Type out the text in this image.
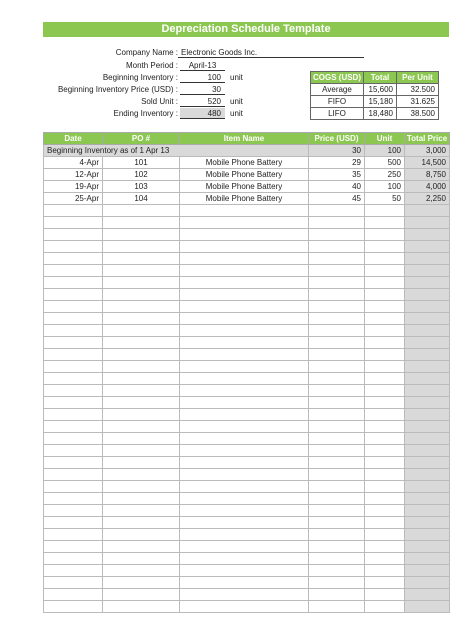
Depreciation Schedule Template
Company Name : Electronic Goods Inc.
Month Period :	April-13
Beginning Inventory :	100	unit
Beginning Inventory Price (USD) :	30
Sold Unit :	520	unit
Ending Inventory :	480	unit
COGS (USD)	Total	Per Unit
Average	15,600	32.500
FIFO	15,180	31.625
LIFO	18,480	38.500
Date	PO #	Item Name	Price (USD)	Unit	Total Price
Beginning Inventory as of 1 Apr 13			30	100	3,000
4-Apr	101	Mobile Phone Battery	29	500	14,500
12-Apr	102	Mobile Phone Battery	35	250	8,750
19-Apr	103	Mobile Phone Battery	40	100	4,000
25-Apr	104	Mobile Phone Battery	45	50	2,250
